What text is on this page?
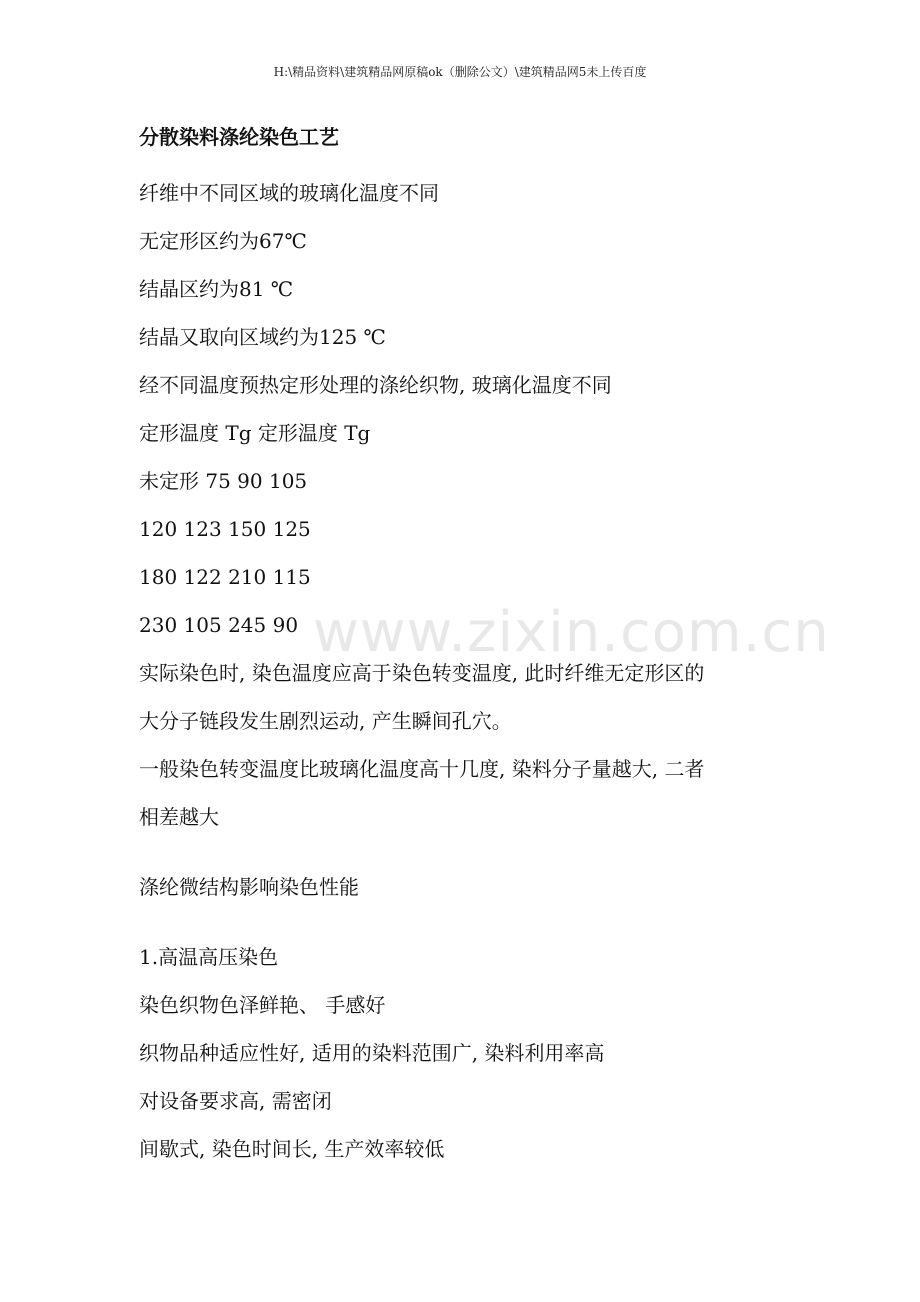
H:\精品资料\建筑精品网原稿ok（删除公文）\建筑精品网5未上传百度
分散染料涤纶染色工艺
纤维中不同区域的玻璃化温度不同
无定形区约为67℃
结晶区约为81 ℃
结晶又取向区域约为125 ℃
经不同温度预热定形处理的涤纶织物, 玻璃化温度不同
定形温度 Tg 定形温度 Tg
未定形 75 90 105
120 123 150 125
180 122 210 115
230 105 245 90
实际染色时, 染色温度应高于染色转变温度, 此时纤维无定形区的
大分子链段发生剧烈运动, 产生瞬间孔穴。
一般染色转变温度比玻璃化温度高十几度, 染料分子量越大, 二者
相差越大
涤纶微结构影响染色性能
1.高温高压染色
染色织物色泽鲜艳、 手感好
织物品种适应性好, 适用的染料范围广, 染料利用率高
对设备要求高, 需密闭
间歇式, 染色时间长, 生产效率较低
www.zixin.com.cn
